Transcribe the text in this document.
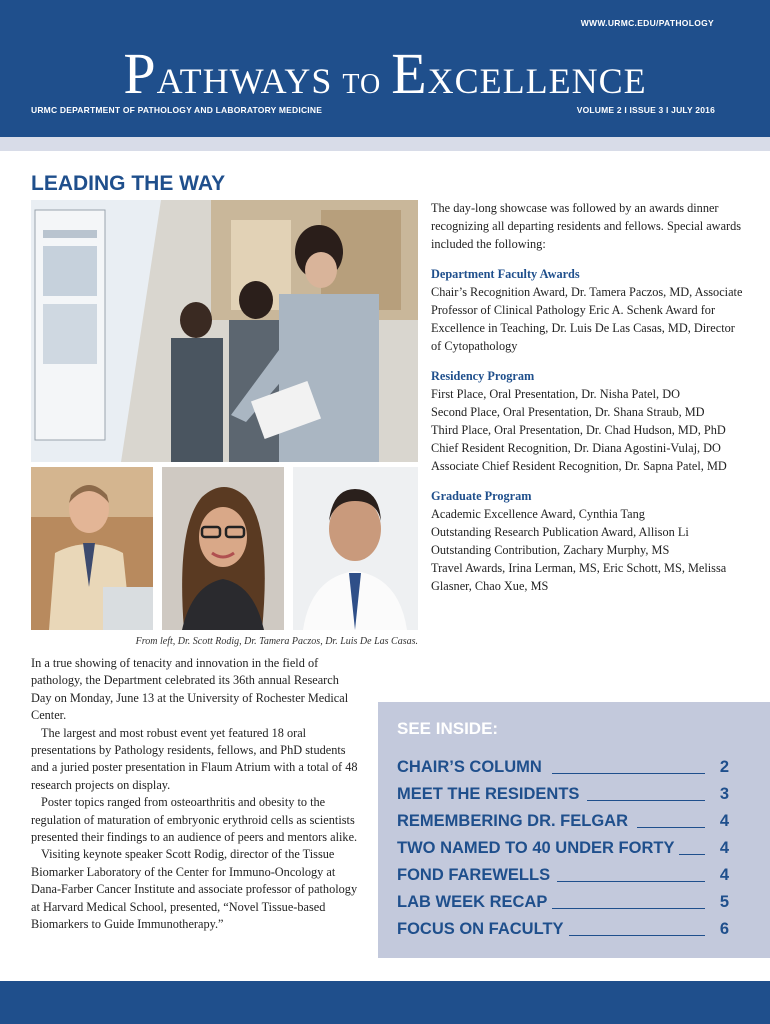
WWW.URMC.EDU/PATHOLOGY
PATHWAYS TO EXCELLENCE
URMC DEPARTMENT OF PATHOLOGY AND LABORATORY MEDICINE	VOLUME 2 I ISSUE 3 I JULY 2016
LEADING THE WAY
From left, Dr. Scott Rodig, Dr. Tamera Paczos, Dr. Luis De Las Casas.

In a true showing of tenacity and innovation in the field of pathology, the Department celebrated its 36th annual Research Day on Monday, June 13 at the University of Rochester Medical Center.

The largest and most robust event yet featured 18 oral presentations by Pathology residents, fellows, and PhD students and a juried poster presentation in Flaum Atrium with a total of 48 research projects on display.

Poster topics ranged from osteoarthritis and obesity to the regulation of maturation of embryonic erythroid cells as scientists presented their findings to an audience of peers and mentors alike.

Visiting keynote speaker Scott Rodig, director of the Tissue Biomarker Laboratory of the Center for Immuno-Oncology at Dana-Farber Cancer Institute and associate professor of pathology at Harvard Medical School, presented, “Novel Tissue-based Biomarkers to Guide Immunotherapy.”

The day-long showcase was followed by an awards dinner recognizing all departing residents and fellows. Special awards included the following:

Department Faculty Awards

Chair’s Recognition Award, Dr. Tamera Paczos, MD, Associate Professor of Clinical Pathology Eric A. Schenk Award for Excellence in Teaching, Dr. Luis De Las Casas, MD, Director of Cytopathology

Residency Program

First Place, Oral Presentation, Dr. Nisha Patel, DO
Second Place, Oral Presentation, Dr. Shana Straub, MD
Third Place, Oral Presentation, Dr. Chad Hudson, MD, PhD
Chief Resident Recognition, Dr. Diana Agostini-Vulaj, DO
Associate Chief Resident Recognition, Dr. Sapna Patel, MD

Graduate Program

Academic Excellence Award, Cynthia Tang
Outstanding Research Publication Award, Allison Li
Outstanding Contribution, Zachary Murphy, MS
Travel Awards, Irina Lerman, MS, Eric Schott, MS, Melissa Glasner, Chao Xue, MS
SEE INSIDE:
CHAIR’S COLUMN	2
MEET THE RESIDENTS	3
REMEMBERING DR. FELGAR	4
TWO NAMED TO 40 UNDER FORTY	4
FOND FAREWELLS	4
LAB WEEK RECAP	5
FOCUS ON FACULTY	6
